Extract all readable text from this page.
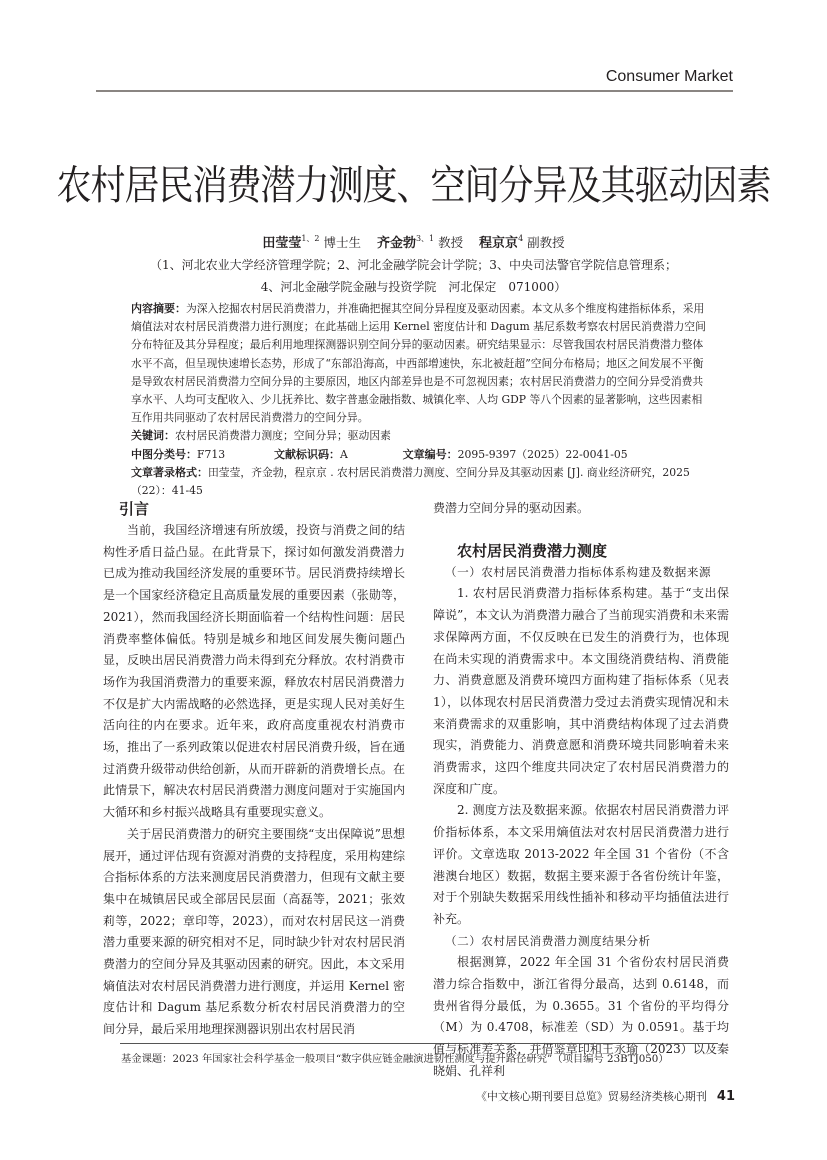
Consumer Market
农村居民消费潜力测度、空间分异及其驱动因素
田莹莹$^{1、2}$ 博士生 齐金勃$^{3、1}$ 教授 程京京$^4$ 副教授
（1、河北农业大学经济管理学院；2、河北金融学院会计学院；3、中央司法警官学院信息管理系；
4、河北金融学院金融与投资学院　河北保定　071000）

内容摘要：为深入挖掘农村居民消费潜力，并准确把握其空间分异程度及驱动因素。本文从多个维度构建指标体系，采用熵值法对农村居民消费潜力进行测度；在此基础上运用 Kernel 密度估计和 Dagum 基尼系数考察农村居民消费潜力空间分布特征及其分异程度；最后利用地理探测器识别空间分异的驱动因素。研究结果显示：尽管我国农村居民消费潜力整体水平不高，但呈现快速增长态势，形成了“东部沿海高，中西部增速快，东北被赶超”空间分布格局；地区之间发展不平衡是导致农村居民消费潜力空间分异的主要原因，地区内部差异也是不可忽视因素；农村居民消费潜力的空间分异受消费共享水平、人均可支配收入、少儿抚养比、数字普惠金融指数、城镇化率、人均 GDP 等八个因素的显著影响，这些因素相互作用共同驱动了农村居民消费潜力的空间分异。

关键词：农村居民消费潜力测度；空间分异；驱动因素

中图分类号：F713	文献标识码：A	文章编号：2095-9397（2025）22-0041-05

文章著录格式：田莹莹，齐金勃，程京京 . 农村居民消费潜力测度、空间分异及其驱动因素 [J]. 商业经济研究，2025（22）：41-45

引言

当前，我国经济增速有所放缓，投资与消费之间的结构性矛盾日益凸显。在此背景下，探讨如何激发消费潜力已成为推动我国经济发展的重要环节。居民消费持续增长是一个国家经济稳定且高质量发展的重要因素（张勋等，2021），然而我国经济长期面临着一个结构性问题：居民消费率整体偏低。特别是城乡和地区间发展失衡问题凸显，反映出居民消费潜力尚未得到充分释放。农村消费市场作为我国消费潜力的重要来源，释放农村居民消费潜力不仅是扩大内需战略的必然选择，更是实现人民对美好生活向往的内在要求。近年来，政府高度重视农村消费市场，推出了一系列政策以促进农村居民消费升级，旨在通过消费升级带动供给创新，从而开辟新的消费增长点。在此情景下，解决农村居民消费潜力测度问题对于实施国内大循环和乡村振兴战略具有重要现实意义。

关于居民消费潜力的研究主要围绕“支出保障说”思想展开，通过评估现有资源对消费的支持程度，采用构建综合指标体系的方法来测度居民消费潜力，但现有文献主要集中在城镇居民或全部居民层面（高磊等，2021；张效莉等，2022；章印等，2023），而对农村居民这一消费潜力重要来源的研究相对不足，同时缺少针对农村居民消费潜力的空间分异及其驱动因素的研究。因此，本文采用熵值法对农村居民消费潜力进行测度，并运用 Kernel 密度估计和 Dagum 基尼系数分析农村居民消费潜力的空间分异，最后采用地理探测器识别出农村居民消

费潜力空间分异的驱动因素。

农村居民消费潜力测度

（一）农村居民消费潜力指标体系构建及数据来源

1. 农村居民消费潜力指标体系构建。基于“支出保障说”，本文认为消费潜力融合了当前现实消费和未来需求保障两方面，不仅反映在已发生的消费行为，也体现在尚未实现的消费需求中。本文围绕消费结构、消费能力、消费意愿及消费环境四方面构建了指标体系（见表 1），以体现农村居民消费潜力受过去消费实现情况和未来消费需求的双重影响，其中消费结构体现了过去消费现实，消费能力、消费意愿和消费环境共同影响着未来消费需求，这四个维度共同决定了农村居民消费潜力的深度和广度。

2. 测度方法及数据来源。依据农村居民消费潜力评价指标体系，本文采用熵值法对农村居民消费潜力进行评价。文章选取 2013-2022 年全国 31 个省份（不含港澳台地区）数据，数据主要来源于各省份统计年鉴，对于个别缺失数据采用线性插补和移动平均插值法进行补充。

（二）农村居民消费潜力测度结果分析

根据测算，2022 年全国 31 个省份农村居民消费潜力综合指数中，浙江省得分最高，达到 0.6148，而贵州省得分最低，为 0.3655。31 个省份的平均得分（M）为 0.4708，标准差（SD）为 0.0591。基于均值与标准差关系，并借鉴章印和王永瑜（2023）以及秦晓娟、孔祥利

基金课题：2023 年国家社会科学基金一般项目“数字供应链金融演进韧性测度与提升路径研究”（项目编号 23BTJ050）
《中文核心期刊要目总览》贸易经济类核心期刊 41
